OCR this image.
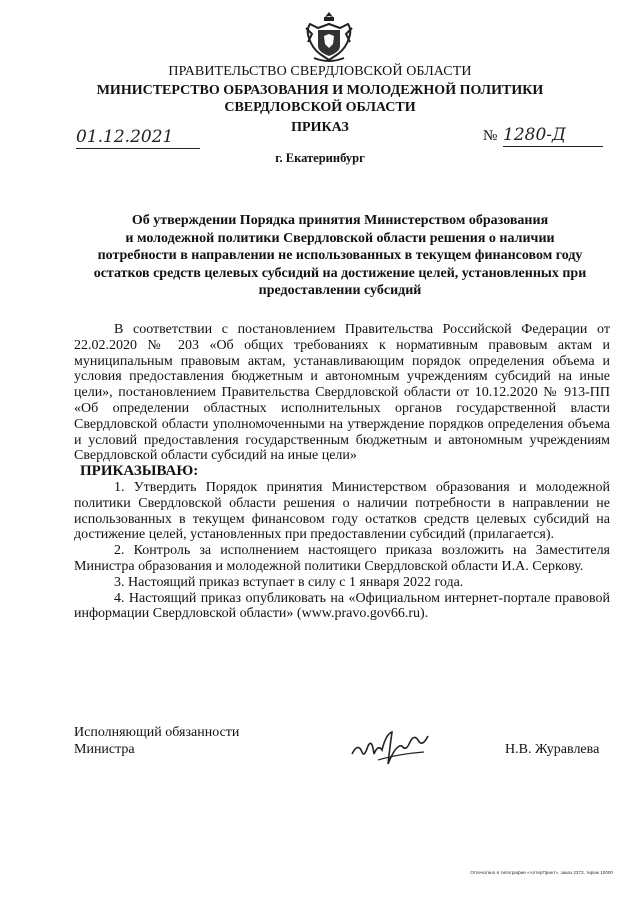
ПРАВИТЕЛЬСТВО СВЕРДЛОВСКОЙ ОБЛАСТИ
МИНИСТЕРСТВО ОБРАЗОВАНИЯ И МОЛОДЕЖНОЙ ПОЛИТИКИ
СВЕРДЛОВСКОЙ ОБЛАСТИ
ПРИКАЗ
01.12.2021	№ 1280-Д
г. Екатеринбург
Об утверждении Порядка принятия Министерством образования
и молодежной политики Свердловской области решения о наличии
потребности в направлении не использованных в текущем финансовом году
остатков средств целевых субсидий на достижение целей, установленных при
предоставлении субсидий

В соответствии с постановлением Правительства Российской Федерации от 22.02.2020 № 203 «Об общих требованиях к нормативным правовым актам и муниципальным правовым актам, устанавливающим порядок определения объема и условия предоставления бюджетным и автономным учреждениям субсидий на иные цели», постановлением Правительства Свердловской области от 10.12.2020 № 913-ПП «Об определении областных исполнительных органов государственной власти Свердловской области уполномоченными на утверждение порядков определения объема и условий предоставления государственным бюджетным и автономным учреждениям Свердловской области субсидий на иные цели»

ПРИКАЗЫВАЮ:

1. Утвердить Порядок принятия Министерством образования и молодежной политики Свердловской области решения о наличии потребности в направлении не использованных в текущем финансовом году остатков средств целевых субсидий на достижение целей, установленных при предоставлении субсидий (прилагается).

2. Контроль за исполнением настоящего приказа возложить на Заместителя Министра образования и молодежной политики Свердловской области И.А. Серкову.

3. Настоящий приказ вступает в силу с 1 января 2022 года.

4. Настоящий приказ опубликовать на «Официальном интернет-портале правовой информации Свердловской области» (www.pravo.gov66.ru).

Исполняющий обязанности
Министра	Н.В. Журавлева
Отпечатано в типографии «АлтерПринт», заказ 2373, тираж 10000
